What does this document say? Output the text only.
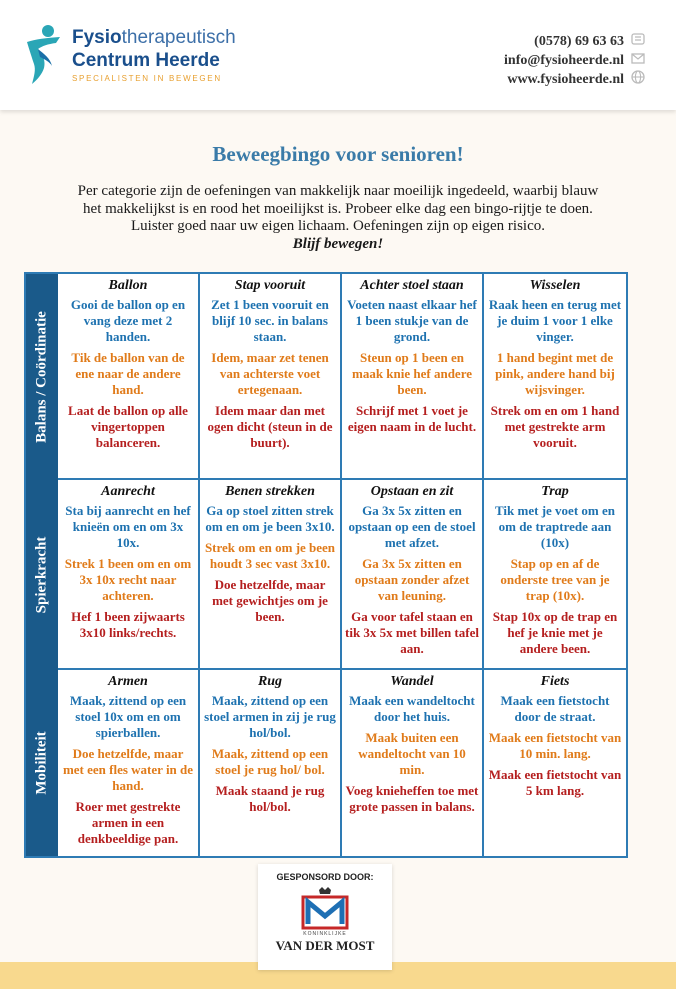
Fysiotherapeutisch
Centrum Heerde
SPECIALISTEN IN BEWEGEN
(0578) 69 63 63
info@fysioheerde.nl
www.fysioheerde.nl
Beweegbingo voor senioren!
Per categorie zijn de oefeningen van makkelijk naar moeilijk ingedeeld, waarbij blauw
het makkelijkst is en rood het moeilijkst is. Probeer elke dag een bingo-rijtje te doen.
Luister goed naar uw eigen lichaam. Oefeningen zijn op eigen risico.
Blijf bewegen!
Balans / Coördinatie
Spierkracht
Mobiliteit
Ballon
Gooi de ballon op en vang deze met 2 handen.
Tik de ballon van de ene naar de andere hand.
Laat de ballon op alle vingertoppen balanceren.
Stap vooruit
Zet 1 been vooruit en blijf 10 sec. in balans staan.
Idem, maar zet tenen van achterste voet ertegenaan.
Idem maar dan met ogen dicht (steun in de buurt).
Achter stoel staan
Voeten naast elkaar hef 1 been stukje van de grond.
Steun op 1 been en maak knie hef andere been.
Schrijf met 1 voet je eigen naam in de lucht.
Wisselen
Raak heen en terug met je duim 1 voor 1 elke vinger.
1 hand begint met de pink, andere hand bij wijsvinger.
Strek om en om 1 hand met gestrekte arm vooruit.
Aanrecht
Sta bij aanrecht en hef knieën om en om 3x 10x.
Strek 1 been om en om 3x 10x recht naar achteren.
Hef 1 been zijwaarts 3x10 links/rechts.
Benen strekken
Ga op stoel zitten strek om en om je been 3x10.
Strek om en om je been houdt 3 sec vast 3x10.
Doe hetzelfde, maar met gewichtjes om je been.
Opstaan en zit
Ga 3x 5x zitten en opstaan op een de stoel met afzet.
Ga 3x 5x zitten en opstaan zonder afzet van leuning.
Ga voor tafel staan en tik 3x 5x met billen tafel aan.
Trap
Tik met je voet om en om de traptrede aan (10x)
Stap op en af de onderste tree van je trap (10x).
Stap 10x op de trap en hef je knie met je andere been.
Armen
Maak, zittend op een stoel 10x om en om spierballen.
Doe hetzelfde, maar met een fles water in de hand.
Roer met gestrekte armen in een denkbeeldige pan.
Rug
Maak, zittend op een stoel armen in zij je rug hol/bol.
Maak, zittend op een stoel je rug hol/ bol.
Maak staand je rug hol/bol.
Wandel
Maak een wandeltocht door het huis.
Maak buiten een wandeltocht van 10 min.
Voeg knieheffen toe met grote passen in balans.
Fiets
Maak een fietstocht door de straat.
Maak een fietstocht van 10 min. lang.
Maak een fietstocht van 5 km lang.
GESPONSORD DOOR:
KONINKLIJKE
VAN DER MOST
